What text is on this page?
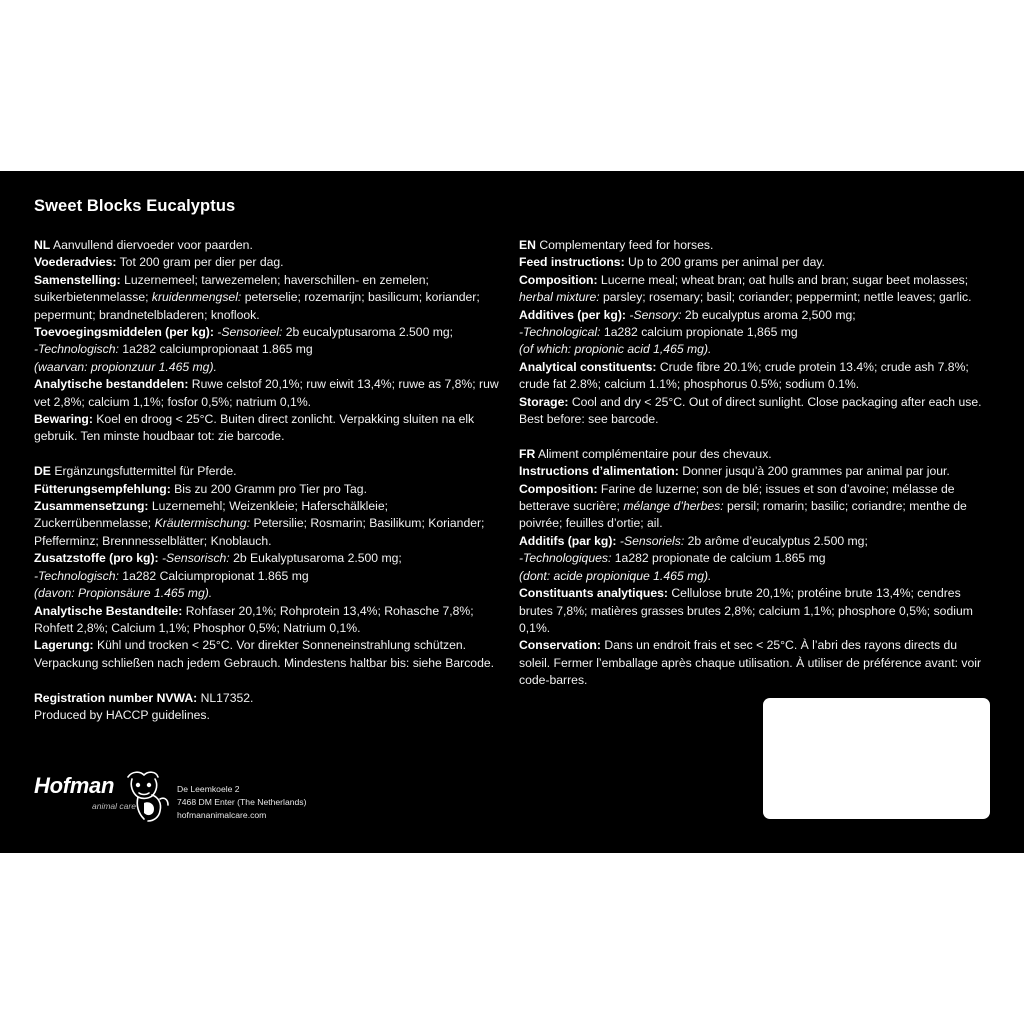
Sweet Blocks Eucalyptus

NL Aanvullend diervoeder voor paarden.

Voederadvies: Tot 200 gram per dier per dag.

Samenstelling: Luzernemeel; tarwezemelen; haverschillen- en zemelen; suikerbietenmelasse; kruidenmengsel: peterselie; rozemarijn; basilicum; koriander; pepermunt; brandnetelbladeren; knoflook.

Toevoegingsmiddelen (per kg): -Sensorieel: 2b eucalyptusaroma 2.500 mg;

-Technologisch: 1a282 calciumpropionaat 1.865 mg

(waarvan: propionzuur 1.465 mg).

Analytische bestanddelen: Ruwe celstof 20,1%; ruw eiwit 13,4%; ruwe as 7,8%; ruw vet 2,8%; calcium 1,1%; fosfor 0,5%; natrium 0,1%.

Bewaring: Koel en droog < 25°C. Buiten direct zonlicht. Verpakking sluiten na elk gebruik. Ten minste houdbaar tot: zie barcode.

DE Ergänzungsfuttermittel für Pferde.

Fütterungsempfehlung: Bis zu 200 Gramm pro Tier pro Tag.

Zusammensetzung: Luzernemehl; Weizenkleie; Haferschälkleie; Zuckerrübenmelasse; Kräutermischung: Petersilie; Rosmarin; Basilikum; Koriander; Pfefferminz; Brennnesselblätter; Knoblauch.

Zusatzstoffe (pro kg): -Sensorisch: 2b Eukalyptusaroma 2.500 mg;

-Technologisch: 1a282 Calciumpropionat 1.865 mg

(davon: Propionsäure 1.465 mg).

Analytische Bestandteile: Rohfaser 20,1%; Rohprotein 13,4%; Rohasche 7,8%; Rohfett 2,8%; Calcium 1,1%; Phosphor 0,5%; Natrium 0,1%.

Lagerung: Kühl und trocken < 25°C. Vor direkter Sonneneinstrahlung schützen. Verpackung schließen nach jedem Gebrauch. Mindestens haltbar bis: siehe Barcode.

Registration number NVWA: NL17352.

Produced by HACCP guidelines.

EN Complementary feed for horses.

Feed instructions: Up to 200 grams per animal per day.

Composition: Lucerne meal; wheat bran; oat hulls and bran; sugar beet molasses; herbal mixture: parsley; rosemary; basil; coriander; peppermint; nettle leaves; garlic.

Additives (per kg): -Sensory: 2b eucalyptus aroma 2,500 mg;

-Technological: 1a282 calcium propionate 1,865 mg

(of which: propionic acid 1,465 mg).

Analytical constituents: Crude fibre 20.1%; crude protein 13.4%; crude ash 7.8%; crude fat 2.8%; calcium 1.1%; phosphorus 0.5%; sodium 0.1%.

Storage: Cool and dry < 25°C. Out of direct sunlight. Close packaging after each use. Best before: see barcode.

FR Aliment complémentaire pour des chevaux.

Instructions d’alimentation: Donner jusqu’à 200 grammes par animal par jour.

Composition: Farine de luzerne; son de blé; issues et son d’avoine; mélasse de betterave sucrière; mélange d’herbes: persil; romarin; basilic; coriandre; menthe de poivrée; feuilles d’ortie; ail.

Additifs (par kg): -Sensoriels: 2b arôme d’eucalyptus 2.500 mg;

-Technologiques: 1a282 propionate de calcium 1.865 mg

(dont: acide propionique 1.465 mg).

Constituants analytiques: Cellulose brute 20,1%; protéine brute 13,4%; cendres brutes 7,8%; matières grasses brutes 2,8%; calcium 1,1%; phosphore 0,5%; sodium 0,1%.

Conservation: Dans un endroit frais et sec < 25°C. À l’abri des rayons directs du soleil. Fermer l’emballage après chaque utilisation. À utiliser de préférence avant: voir code-barres.

Hofman
animal care

De Leemkoele 2

7468 DM Enter (The Netherlands)

hofmananimalcare.com
